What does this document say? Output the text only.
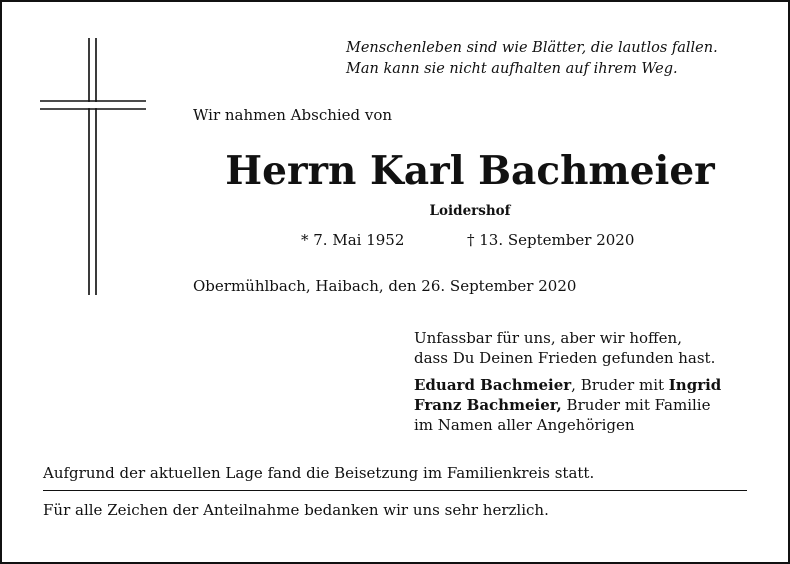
Menschenleben sind wie Blätter, die lautlos fallen.
Man kann sie nicht aufhalten auf ihrem Weg.
Wir nahmen Abschied von
Herrn Karl Bachmeier
Loidershof
* 7. Mai 1952	† 13. September 2020
Obermühlbach, Haibach, den 26. September 2020
Unfassbar für uns, aber wir hoffen,
dass Du Deinen Frieden gefunden hast.
Eduard Bachmeier, Bruder mit Ingrid
Franz Bachmeier, Bruder mit Familie
im Namen aller Angehörigen
Aufgrund der aktuellen Lage fand die Beisetzung im Familienkreis statt.
Für alle Zeichen der Anteilnahme bedanken wir uns sehr herzlich.
